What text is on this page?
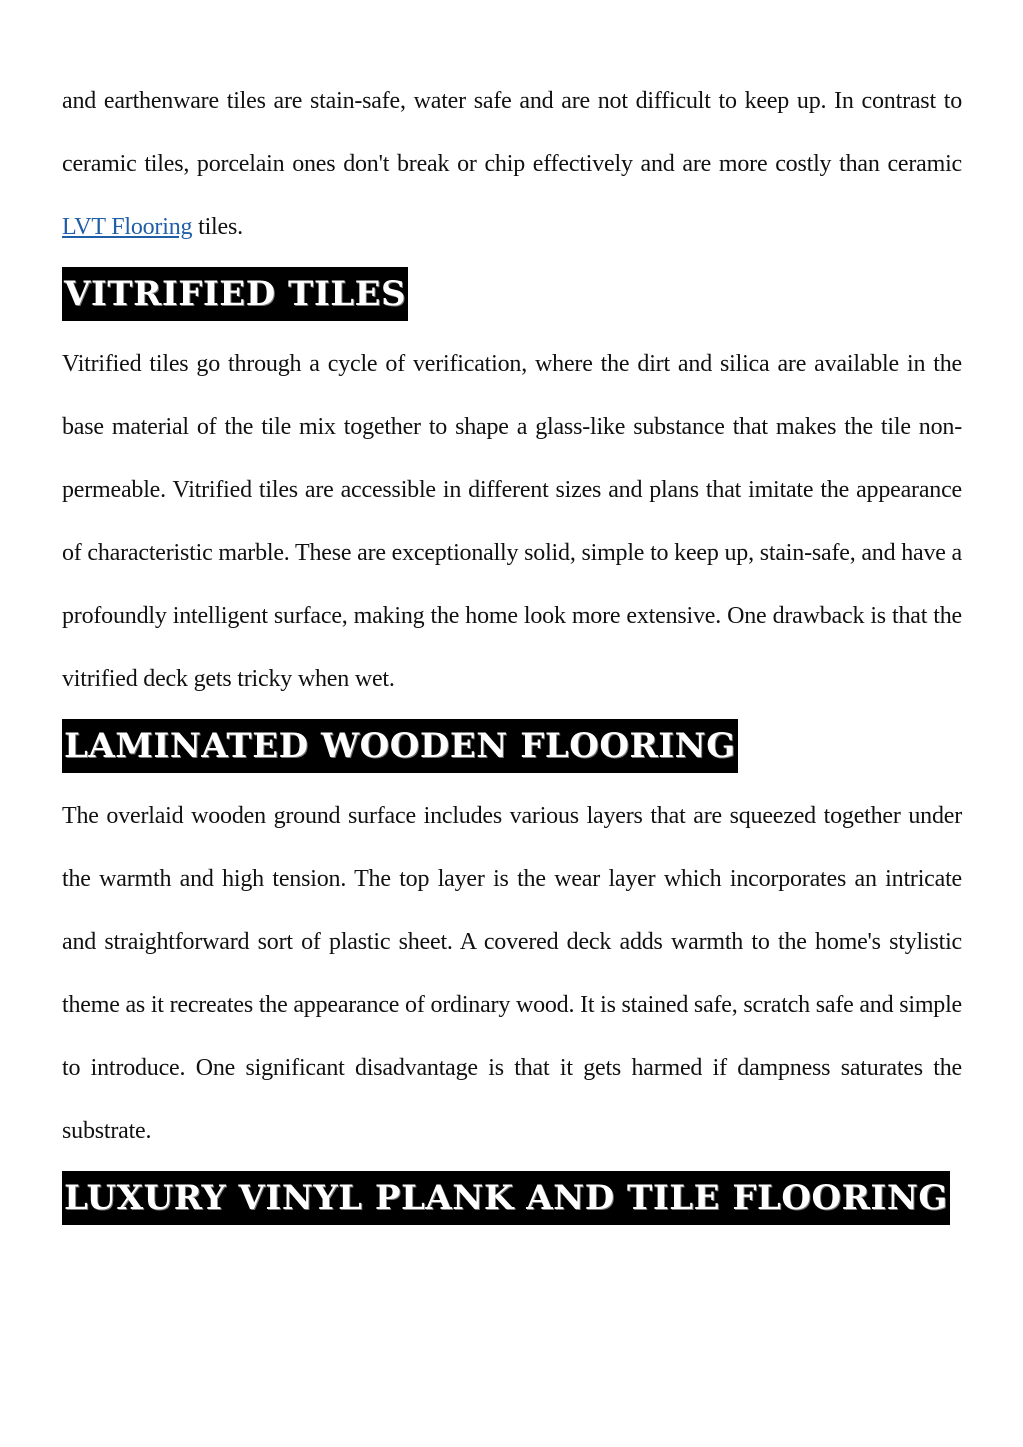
and earthenware tiles are stain-safe, water safe and are not difficult to keep up. In contrast to ceramic tiles, porcelain ones don't break or chip effectively and are more costly than ceramic LVT Flooring tiles.

VITRIFIED TILES

Vitrified tiles go through a cycle of verification, where the dirt and silica are available in the base material of the tile mix together to shape a glass-like substance that makes the tile non-permeable. Vitrified tiles are accessible in different sizes and plans that imitate the appearance of characteristic marble. These are exceptionally solid, simple to keep up, stain-safe, and have a profoundly intelligent surface, making the home look more extensive. One drawback is that the vitrified deck gets tricky when wet.

LAMINATED WOODEN FLOORING

The overlaid wooden ground surface includes various layers that are squeezed together under the warmth and high tension. The top layer is the wear layer which incorporates an intricate and straightforward sort of plastic sheet. A covered deck adds warmth to the home's stylistic theme as it recreates the appearance of ordinary wood. It is stained safe, scratch safe and simple to introduce. One significant disadvantage is that it gets harmed if dampness saturates the substrate.

LUXURY VINYL PLANK AND TILE FLOORING
